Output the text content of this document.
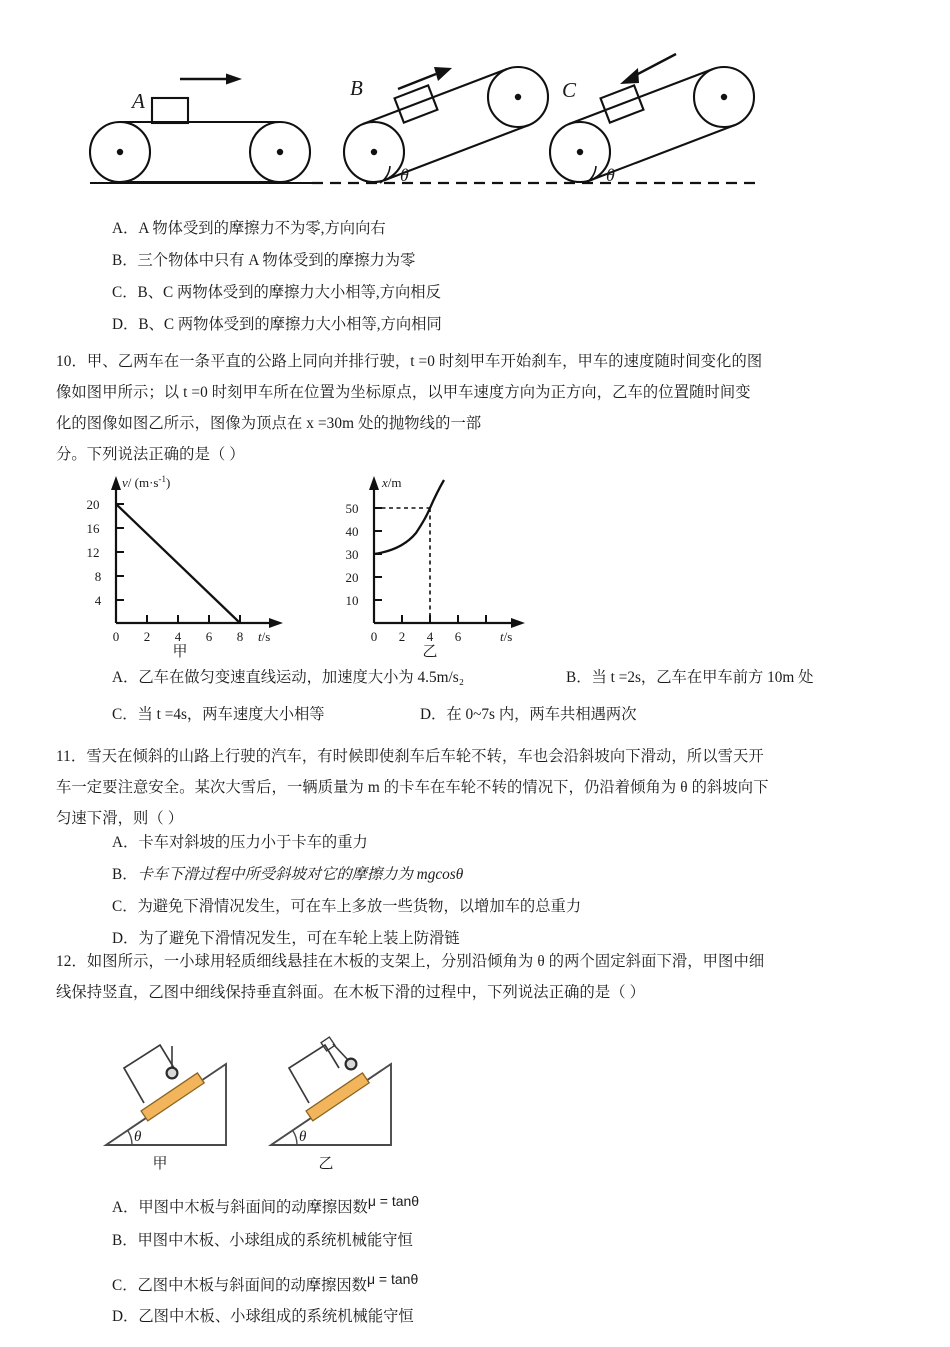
A
B
θ
C
θ
A．A 物体受到的摩擦力不为零,方向向右
B．三个物体中只有 A 物体受到的摩擦力为零
C．B、C 两物体受到的摩擦力大小相等,方向相反
D．B、C 两物体受到的摩擦力大小相等,方向相同
10．甲、乙两车在一条平直的公路上同向并排行驶，t =0 时刻甲车开始刹车，甲车的速度随时间变化的图
像如图甲所示；以 t =0 时刻甲车所在位置为坐标原点，以甲车速度方向为正方向，乙车的位置随时间变
化的图像如图乙所示，图像为顶点在 x =30m 处的抛物线的一部
分。下列说法正确的是（ ）
v/ $(m\cdot s^{-1})$
20
16
12
8
4
0 2 4 6 8 t/s
甲
x/m
50
40
30
20
10
0 2 4 6	t/s
乙
A．乙车在做匀变速直线运动，加速度大小为 4.5m/s₂	B．当 t =2s，乙车在甲车前方 10m 处
C．当 t =4s，两车速度大小相等	D．在 0~7s 内，两车共相遇两次
11．雪天在倾斜的山路上行驶的汽车，有时候即使刹车后车轮不转，车也会沿斜坡向下滑动，所以雪天开
车一定要注意安全。某次大雪后，一辆质量为 m 的卡车在车轮不转的情况下，仍沿着倾角为 θ 的斜坡向下
匀速下滑，则（ ）
A．卡车对斜坡的压力小于卡车的重力
B．卡车下滑过程中所受斜坡对它的摩擦力为 mgcosθ
C．为避免下滑情况发生，可在车上多放一些货物，以增加车的总重力
D．为了避免下滑情况发生，可在车轮上装上防滑链
12．如图所示，一小球用轻质细线悬挂在木板的支架上，分别沿倾角为 θ 的两个固定斜面下滑，甲图中细
线保持竖直，乙图中细线保持垂直斜面。在木板下滑的过程中，下列说法正确的是（ ）
θ	θ
甲	乙
A．甲图中木板与斜面间的动摩擦因数μ = tanθ
B．甲图中木板、小球组成的系统机械能守恒
C．乙图中木板与斜面间的动摩擦因数μ = tanθ
D．乙图中木板、小球组成的系统机械能守恒
